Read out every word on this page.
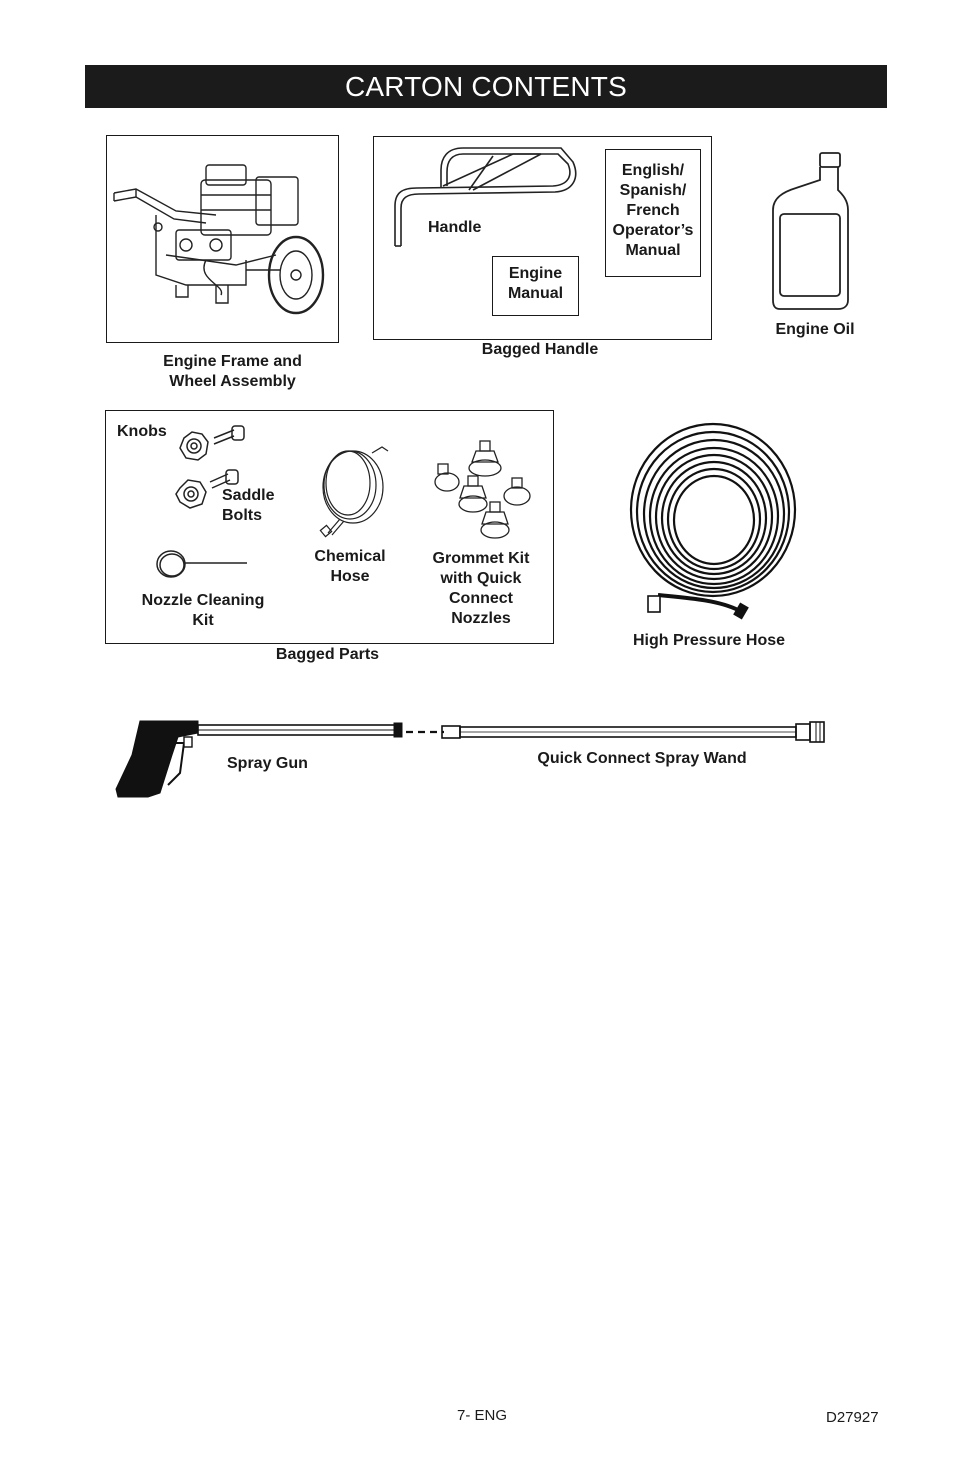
CARTON CONTENTS
Engine Frame and
Wheel Assembly
Handle
Engine
Manual
English/
Spanish/
French
Operator’s
Manual
Bagged Handle
Engine Oil
Knobs
Saddle
Bolts
Chemical
Hose
Grommet Kit
with Quick
Connect
Nozzles
Nozzle Cleaning
Kit
Bagged Parts
High Pressure Hose
Spray Gun	Quick Connect Spray Wand
7- ENG	D27927
